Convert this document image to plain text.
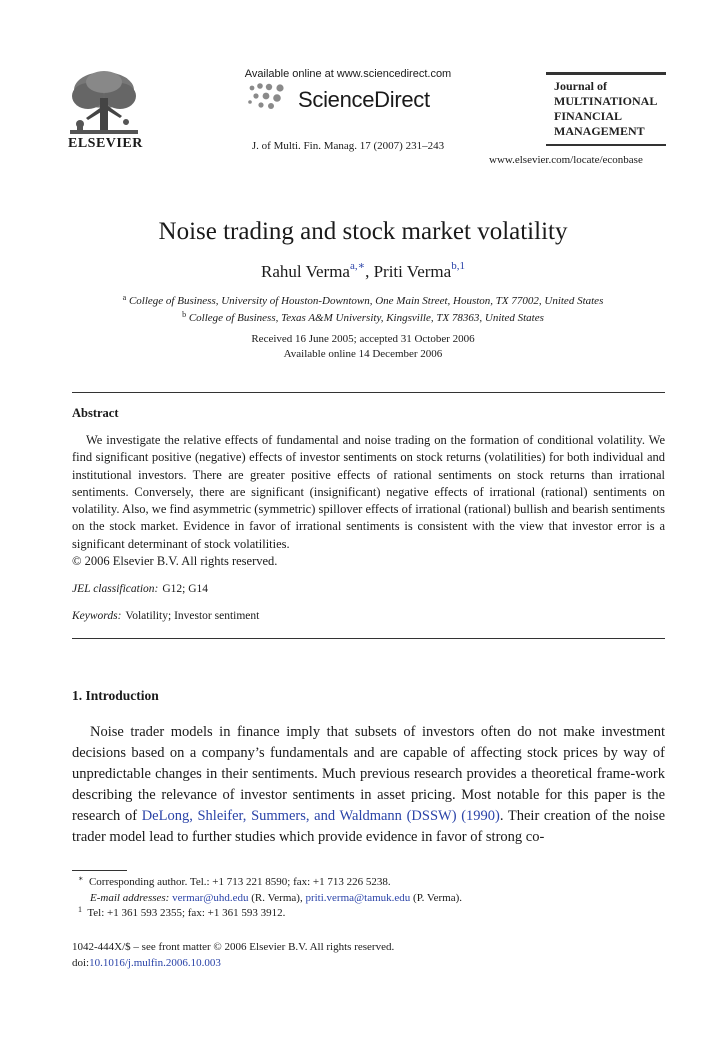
ELSEVIER
Available online at www.sciencedirect.com
ScienceDirect
J. of Multi. Fin. Manag. 17 (2007) 231–243
Journal of
MULTINATIONAL
FINANCIAL
MANAGEMENT
www.elsevier.com/locate/econbase
Noise trading and stock market volatility
Rahul Verma$^{a,∗}$, Priti Verma$^{b,1}$
$^a$ College of Business, University of Houston-Downtown, One Main Street, Houston, TX 77002, United States
$^b$ College of Business, Texas A&M University, Kingsville, TX 78363, United States
Received 16 June 2005; accepted 31 October 2006
Available online 14 December 2006
Abstract
We investigate the relative effects of fundamental and noise trading on the formation of conditional volatility. We find significant positive (negative) effects of investor sentiments on stock returns (volatilities) for both individual and institutional investors. There are greater positive effects of rational sentiments on stock returns than irrational sentiments. Conversely, there are significant (insignificant) negative effects of irrational (rational) sentiments on volatility. Also, we find asymmetric (symmetric) spillover effects of irrational (rational) bullish and bearish sentiments on the stock market. Evidence in favor of irrational sentiments is consistent with the view that investor error is a significant determinant of stock volatilities.
© 2006 Elsevier B.V. All rights reserved.
JEL classification: G12; G14
Keywords: Volatility; Investor sentiment
1. Introduction
Noise trader models in finance imply that subsets of investors often do not make investment decisions based on a company’s fundamentals and are capable of affecting stock prices by way of unpredictable changes in their sentiments. Much previous research provides a theoretical frame-work describing the relevance of investor sentiments in asset pricing. Most notable for this paper is the research of DeLong, Shleifer, Summers, and Waldmann (DSSW) (1990). Their creation of the noise trader model lead to further studies which provide evidence in favor of strong co-
∗ Corresponding author. Tel.: +1 713 221 8590; fax: +1 713 226 5238.
E-mail addresses: vermar@uhd.edu (R. Verma), priti.verma@tamuk.edu (P. Verma).
$^1$ Tel: +1 361 593 2355; fax: +1 361 593 3912.
1042-444X/$ – see front matter © 2006 Elsevier B.V. All rights reserved.
doi:10.1016/j.mulfin.2006.10.003
